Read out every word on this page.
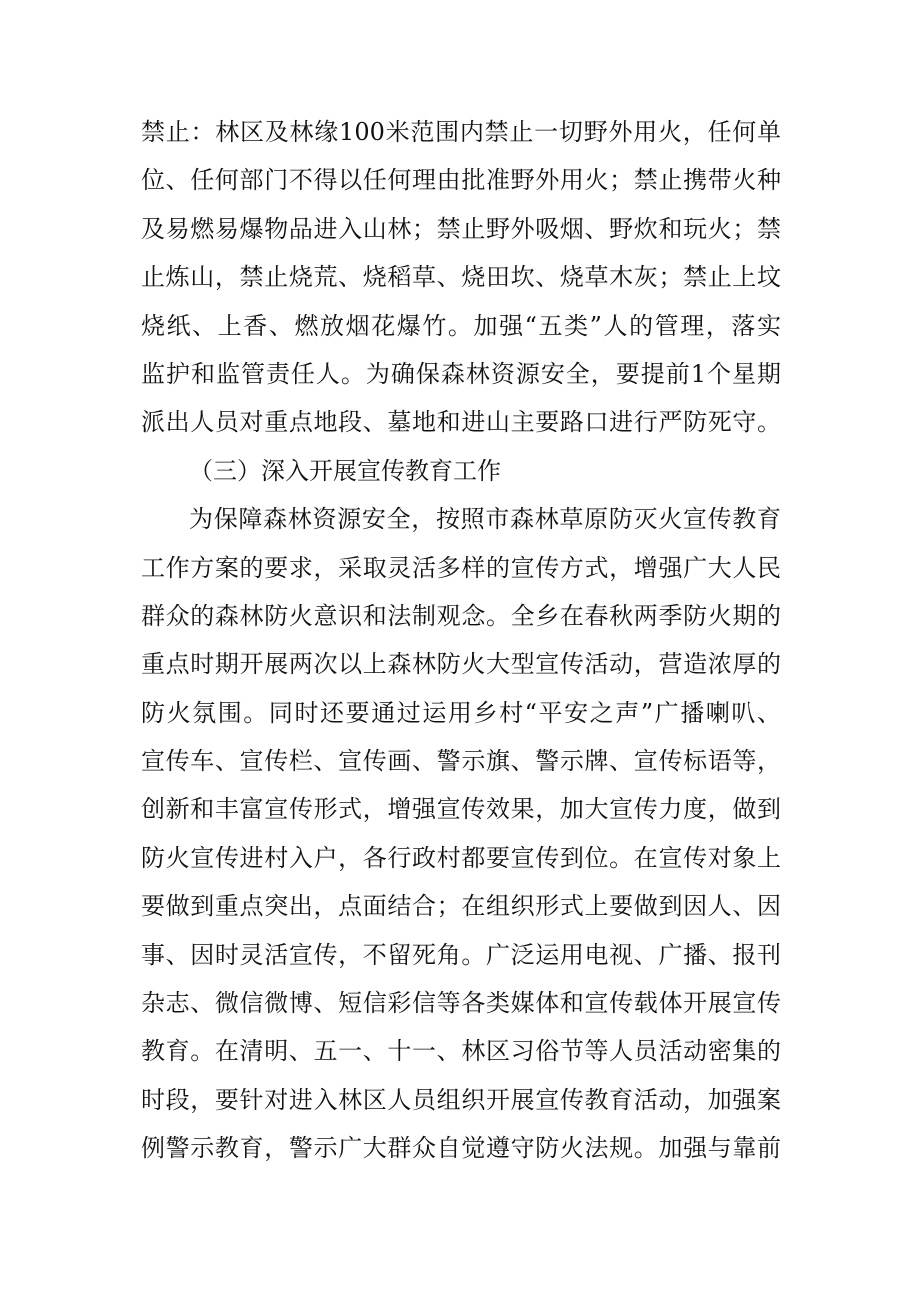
禁止：林区及林缘100米范围内禁止一切野外用火，任何单
位、任何部门不得以任何理由批准野外用火；禁止携带火种
及易燃易爆物品进入山林；禁止野外吸烟、野炊和玩火；禁
止炼山，禁止烧荒、烧稻草、烧田坎、烧草木灰；禁止上坟
烧纸、上香、燃放烟花爆竹。加强“五类”人的管理，落实
监护和监管责任人。为确保森林资源安全，要提前1个星期
派出人员对重点地段、墓地和进山主要路口进行严防死守。
（三）深入开展宣传教育工作
为保障森林资源安全，按照市森林草原防灭火宣传教育
工作方案的要求，采取灵活多样的宣传方式，增强广大人民
群众的森林防火意识和法制观念。全乡在春秋两季防火期的
重点时期开展两次以上森林防火大型宣传活动，营造浓厚的
防火氛围。同时还要通过运用乡村“平安之声”广播喇叭、
宣传车、宣传栏、宣传画、警示旗、警示牌、宣传标语等，
创新和丰富宣传形式，增强宣传效果，加大宣传力度，做到
防火宣传进村入户，各行政村都要宣传到位。在宣传对象上
要做到重点突出，点面结合；在组织形式上要做到因人、因
事、因时灵活宣传，不留死角。广泛运用电视、广播、报刊
杂志、微信微博、短信彩信等各类媒体和宣传载体开展宣传
教育。在清明、五一、十一、林区习俗节等人员活动密集的
时段，要针对进入林区人员组织开展宣传教育活动，加强案
例警示教育，警示广大群众自觉遵守防火法规。加强与靠前
